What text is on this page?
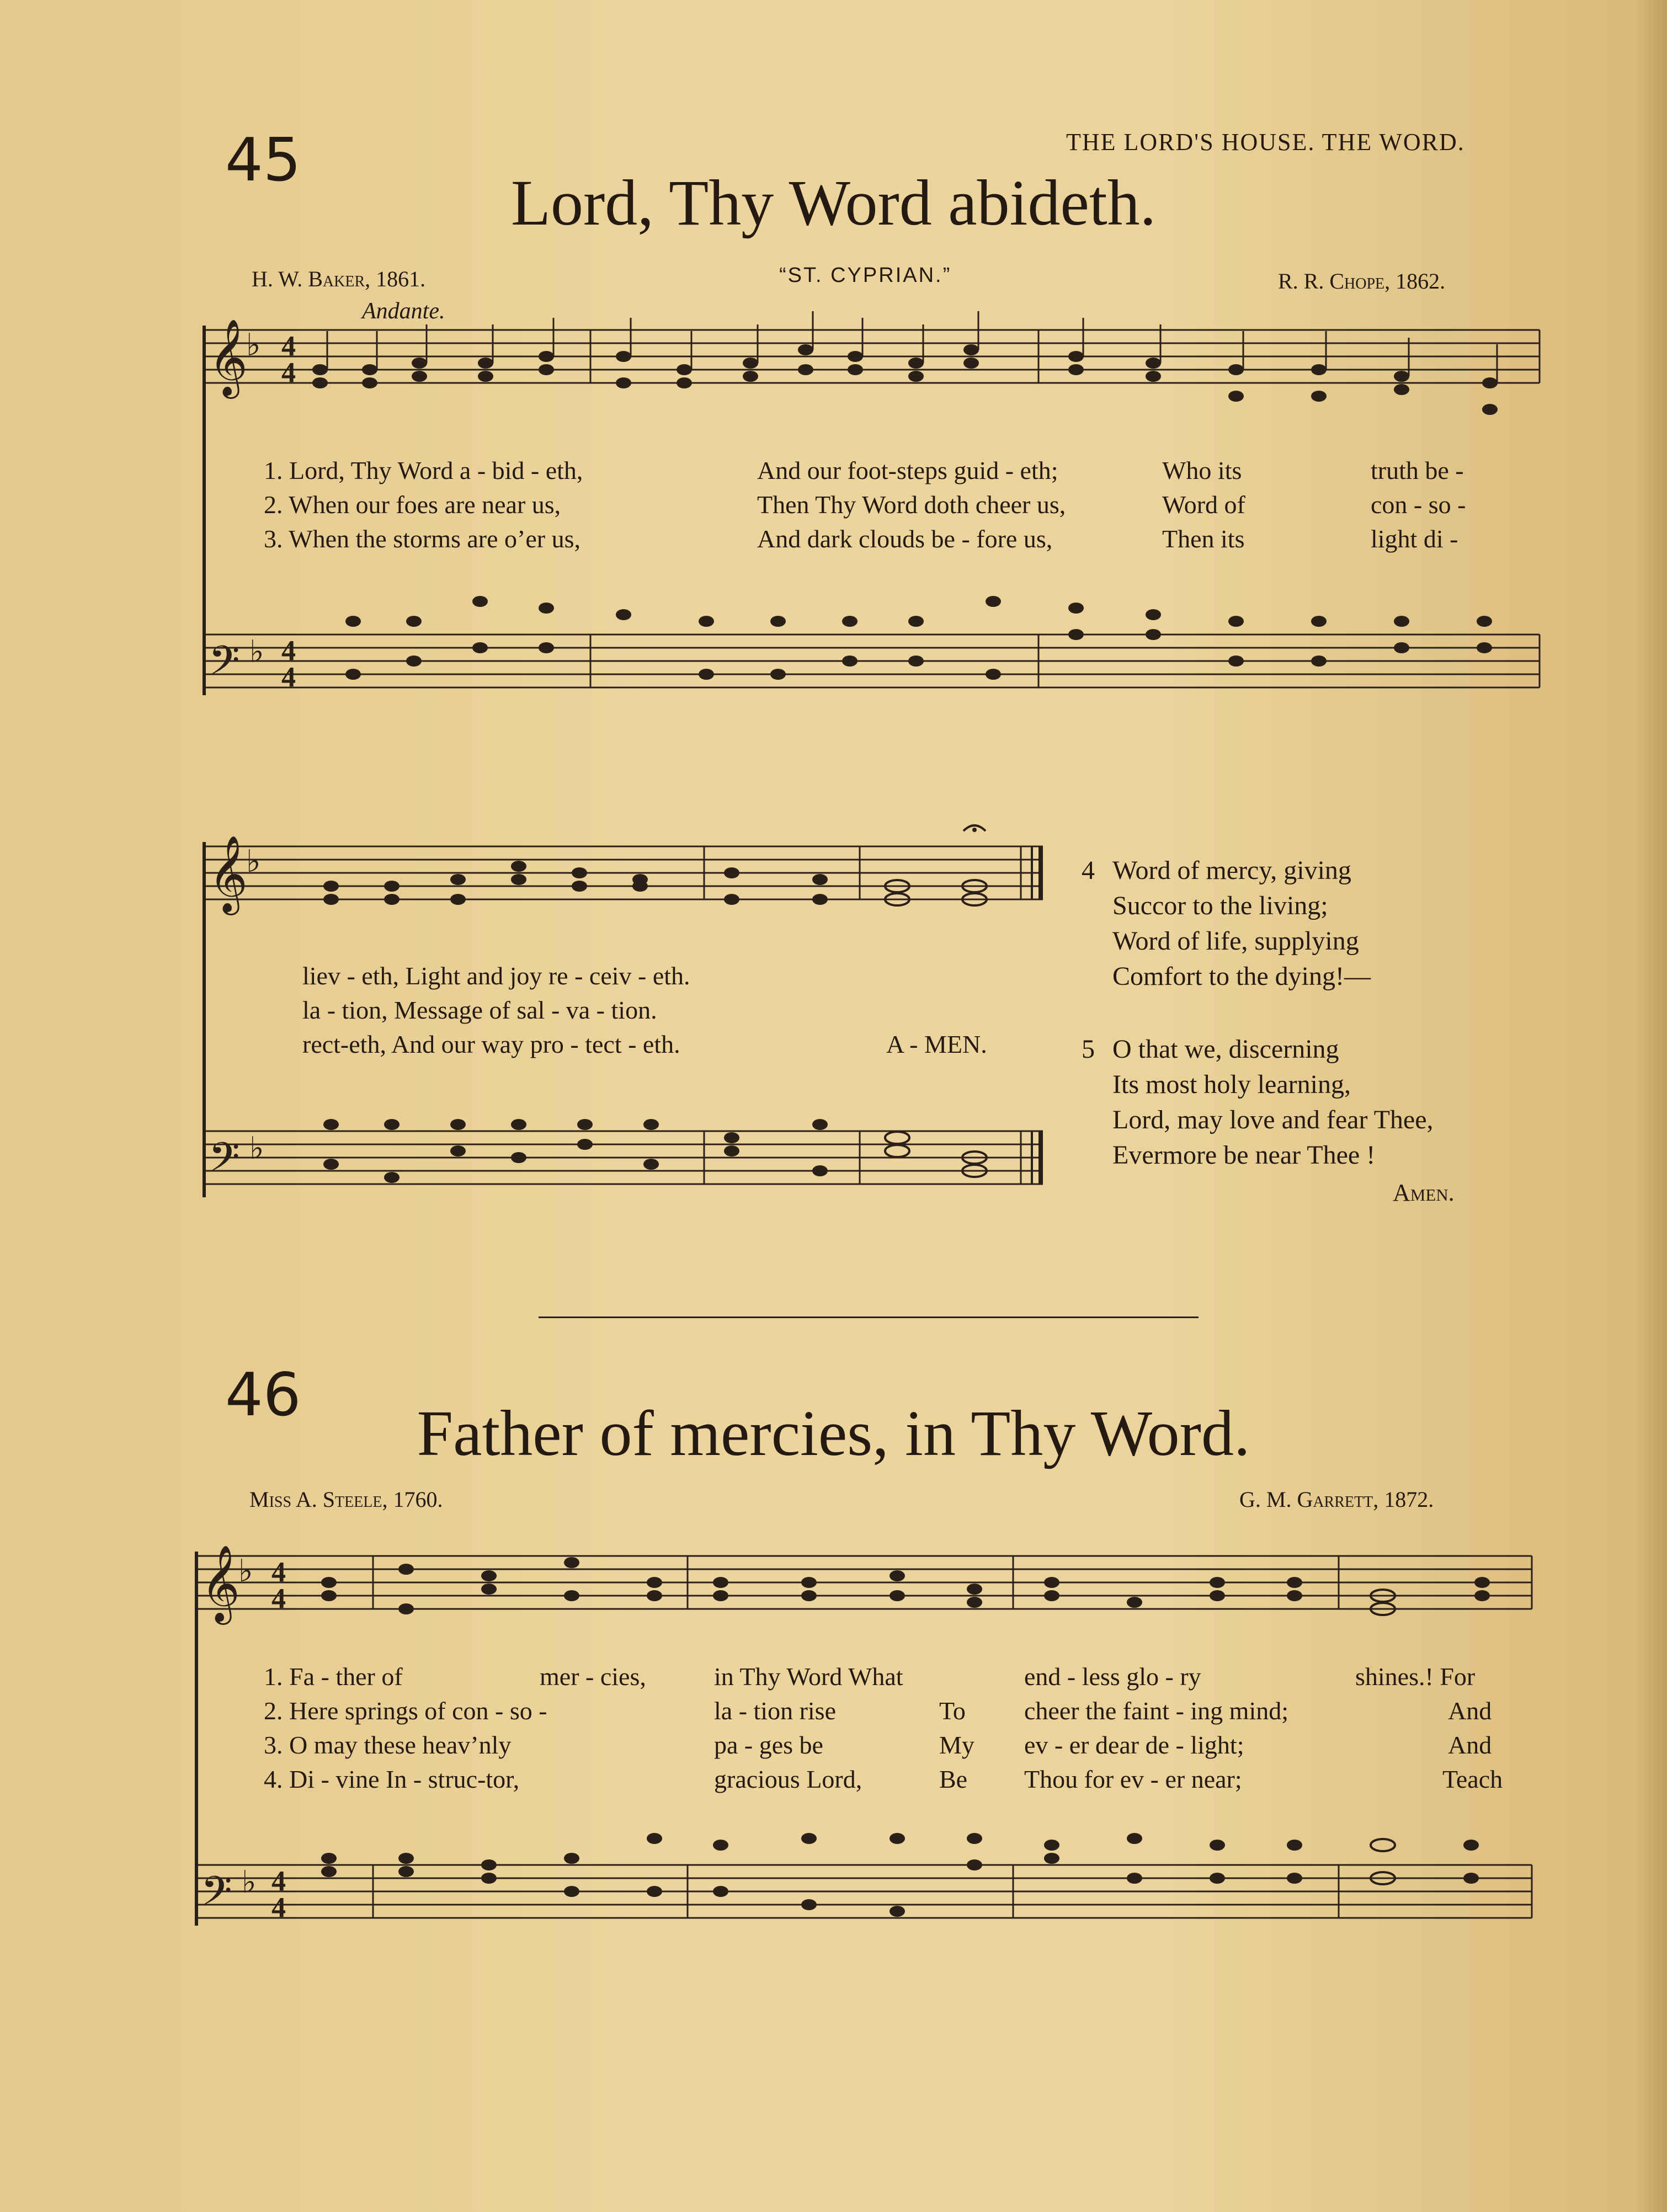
THE LORD'S HOUSE. THE WORD.
45
Lord, Thy Word abideth.
H. W. Baker, 1861.	“ST. CYPRIAN.”	R. R. Chope, 1862.
Andante.
𝄞
♭ 4
4
𝄢 ♭ 4
4
1. Lord, Thy Word a - bid - eth,	And our foot-steps guid - eth;	Who its	truth be -
2. When our foes are near us,	Then Thy Word doth cheer us,	Word of	con - so -
3. When the storms are o’er us,	And dark clouds be - fore us,	Then its	light di -
𝄞
♭
𝄢 ♭
liev - eth, Light and joy re - ceiv - eth.
la - tion, Message of sal - va - tion.
rect-eth, And our way pro - tect - eth.	A - MEN.
4 Word of mercy, giving
Succor to the living;
Word of life, supplying
Comfort to the dying!—
5 O that we, discerning
Its most holy learning,
Lord, may love and fear Thee,
Evermore be near Thee !
Amen.
46
Father of mercies, in Thy Word.
Miss A. Steele, 1760.	G. M. Garrett, 1872.
𝄞
♭ 4
4
𝄢 ♭ 4
4
1. Fa - ther of	mer - cies,	in Thy Word What	end - less glo - ry	shines.! For
2. Here springs of con - so -	la - tion rise	To cheer the faint - ing mind;	And
3. O may these heav’nly	pa - ges be	My ev - er dear de - light;	And
4. Di - vine In - struc-tor,	gracious Lord,	Be Thou for ev - er near;	Teach
